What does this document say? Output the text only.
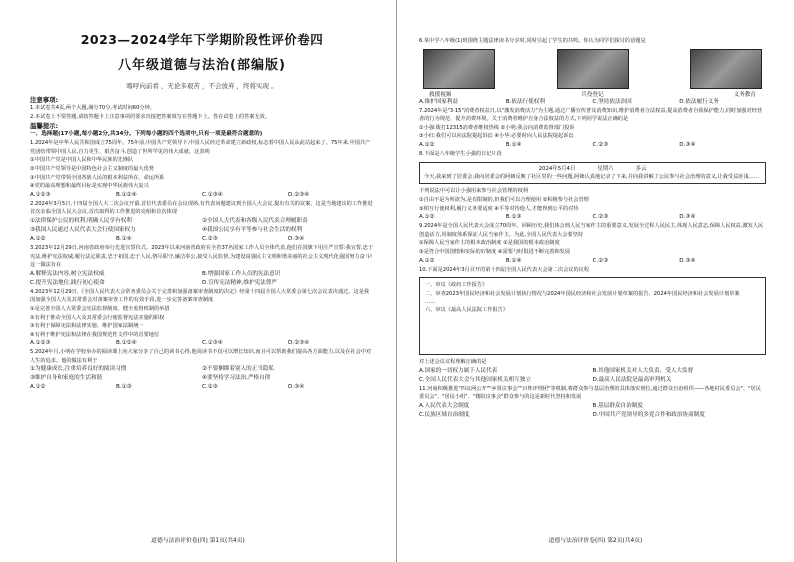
2023—2024学年下学期阶段性评价卷四
八年级道德与法治(部编版)
喀呼向前看 ，无论多艰苦 ，不会放弃 ，终将实现 。
注意事项:
1.本试卷共4页,两个大题,满分70分,考试时间60分钟。
2.本试卷上不要答题,请按答题卡上注意事项的要求直接把答案填写在答题卡上。答在试卷上的答案无效。
温馨提示:
一、选择题(17小题,每小题2分,共34分。下列每小题的四个选项中,只有一项是最符合题意的)

1.2024年是中华人民共和国成立75周年。75年前,中国共产党领导下,中国人民经过革命建立新政权,标志着中国人民从此站起来了。75年来,中国共产党团结带领中国人民,自力更生、艰苦奋斗,创造了世所罕见的伟大成就。这表明

①中国共产党是中国人民和中华民族的先锋队
②中国共产党领导是中国特色社会主义制度的最大优势
③中国共产党带领全国各族人民的根本利益所在、命运所系
④党的最高理想和最终目标是实现中华民族伟大复兴
A.①②③	B.①②④	C.①③④	D.②③④

2.2024年3月5日,十四届全国人大二次会议开幕,首位代表委员在会议现场,有代表问题建议到全国人大会议,提出有关的议案。这是当地建议的工作推进首次亲临全国人民大会议,首次取得的工作推进的亮相和首次体现

①法律保护公民的权利,明确人民享有权利	②全国人大代表和各级人民代表合理履职责
③我国人民通过人民代表大会行使国家权力	④我国公民享有平等参与社会生活的权利
A.①②	B.①④	C.②③	D.③④

3.2023年12月29日,河南省政府举行先进宣誓仪式。2023年以来河南省政府在全省37名国家工作人员全体代表,他们在国旗下用庄严宣誓:我宣誓,忠于宪法,维护宪法权威,履行法定职责,忠于祖国,忠于人民,恪尽职守,廉洁奉公,接受人民监督,为建设富强民主文明和谐美丽的社会主义现代化强国努力奋斗!这一做法旨在

A.解释宪法内容,树立宪法权威	B.增强国家工作人员的宪法意识
C.提升宪法地位,践行初心使命	D.宣传宪法精神,维护宪法尊严

4.2023年12月29日,《全国人民代表大会常务委员会关于完善和加强备案审查制度的决定》经第十四届全国人大常委会第七次会议表决通过。这是我国加强全国人大及其常委会对备案审查工作的有效手段,进一步完善备案审查制度

①是完善全国人大常委会宪法监督制度、健全监督机制的举措
②有利于推动全国人大及其常委会行使监督宪法实施的职权
③有利于保障宪法和法律实施、维护国家法制统一
④有利于维护宪法和法律在我国规范性文件中的首要地位
A.①②③	B.①②④	C.①③④	D.②③④

5.2024年月,小明在学校举办的阅读课上向大家分享了自己的读书心得,他说读书不仅可以增长知识,而且可以帮助我们提高各方面能力,以及在社会中对人生的追求。他的做法有利于

①为健康成长,注重培养良好的阅读习惯	②不要捆绑着别人的正当隐私
③维护自身和家庭的生活和谐	④要坚持学习法治,严格自律
A.①②	B.①③	C.②③	D.③④
道德与法治评价卷(四) 第1页(共4页)

6.某中学八年级(1)班围绕主题法律读书分享时,同时引起了学生的共鸣。你认为同学们探讨的话题是

救援视频	兵役登记	义务教育
A.维护国家利益	B.依法行使权利	C.坚持依法治国	D.依法履行义务

7.2024年是"3·15"消费者权益日,以"激发消费活力"为主题,通过广播宣传普及消费知识,维护消费者合法权益,提高消费者自我保护能力,同时加强对经营者的行为规范、提升消费环境。关于消费者维护自身合法权益的方式,下列同学说法正确的是

①小强:拨打12315消费者维权热线 ②小明:我会向消费监督部门投诉
③小红:我们可以向法院提起诉讼 ④小华:必要时向人民法院提起诉讼
A.①②	B.①④	C.②③	D.③④

8.下面是八年级学生小强的日记片段

2024年5月4日	星期六	多云
今天,我来到了居委会,我向居委会的阿姨反映了社区里的一些问题,阿姨认真地记录了下来,并向我讲解了公民参与社会治理的意义,让我受益匪浅……
下列说法中可以让小强用来参与社会管理的权利
①自由不是为所欲为,是有限制的,但我们可以合理使用 ②积极参与社会管理
③相互行使权利,履行义务要适度 ④平等对待他人,才能得到公平的对待
A.①②	B.①③	C.②③	D.③④

9.2024年是全国人民代表大会成立70周年。回顾历史,我们体会到人民当家作主的重要意义,发展全过程人民民主,体现人民意志,保障人民权益,激发人民创造活力,用制度体系保证人民当家作主。为此,全国人民代表大会要坚持

①保障人民当家作主的根本政治制度 ②是我国的根本政治制度
③是符合中国国情和实际的好制度 ④需要与时俱进不断完善和发展
A.①②	B.①④	C.②③	D.③④

10.下面是2024年3月召开的第十四届全国人民代表大会第二次会议的议程

一、审议《政府工作报告》
二、审查2023年国民经济和社会发展计划执行情况与2024年国民经济和社会发展计划草案的报告、2024年国民经济和社会发展计划草案
……
六、审议《最高人民法院工作报告》
对上述会议议程理解正确的是
A.国家的一切权力属于人民代表	B.其他国家机关对人大负责、受人大监督
C.全国人民代表大会与其他国家机关相互独立	D.最高人民法院是最高审判机关

11.河南积极推进"四议两公开""乡贤议事会""百姓评理团"等机制,将群众参与基层治理的具体落实到位,通过群众自治组织——各地村民委员会"、"居民委员会"、"居民小组"、"楼院议事会"群众参与的这是新时代坚持和发展

A.人民代表大会制度	B.基层群众自治制度
C.民族区域自治制度	D.中国共产党领导的多党合作和政治协商制度
道德与法治评价卷(四) 第2页(共4页)
